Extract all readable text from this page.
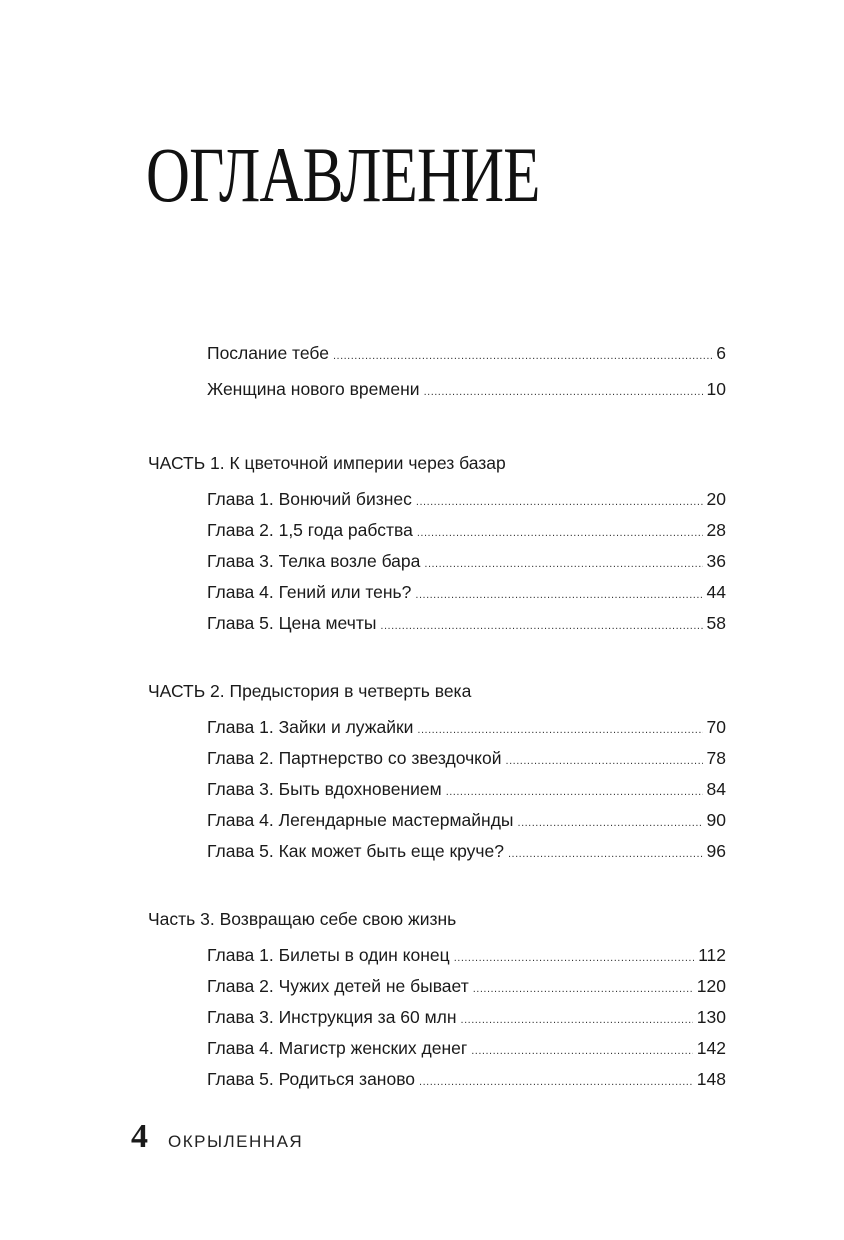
ОГЛАВЛЕНИЕ
Послание тебе .....	6
Женщина нового времени .....	10
ЧАСТЬ 1. К цветочной империи через базар
Глава 1. Вонючий бизнес .....	20
Глава 2. 1,5 года рабства .....	28
Глава 3. Телка возле бара .....	36
Глава 4. Гений или тень? .....	44
Глава 5. Цена мечты .....	58
ЧАСТЬ 2. Предыстория в четверть века
Глава 1. Зайки и лужайки .....	70
Глава 2. Партнерство со звездочкой .....	78
Глава 3. Быть вдохновением .....	84
Глава 4. Легендарные мастермайнды .....	90
Глава 5. Как может быть еще круче? .....	96
Часть 3. Возвращаю себе свою жизнь
Глава 1. Билеты в один конец .....	112
Глава 2. Чужих детей не бывает .....	120
Глава 3. Инструкция за 60 млн .....	130
Глава 4. Магистр женских денег .....	142
Глава 5. Родиться заново .....	148
4 ОКРЫЛЕННАЯ
